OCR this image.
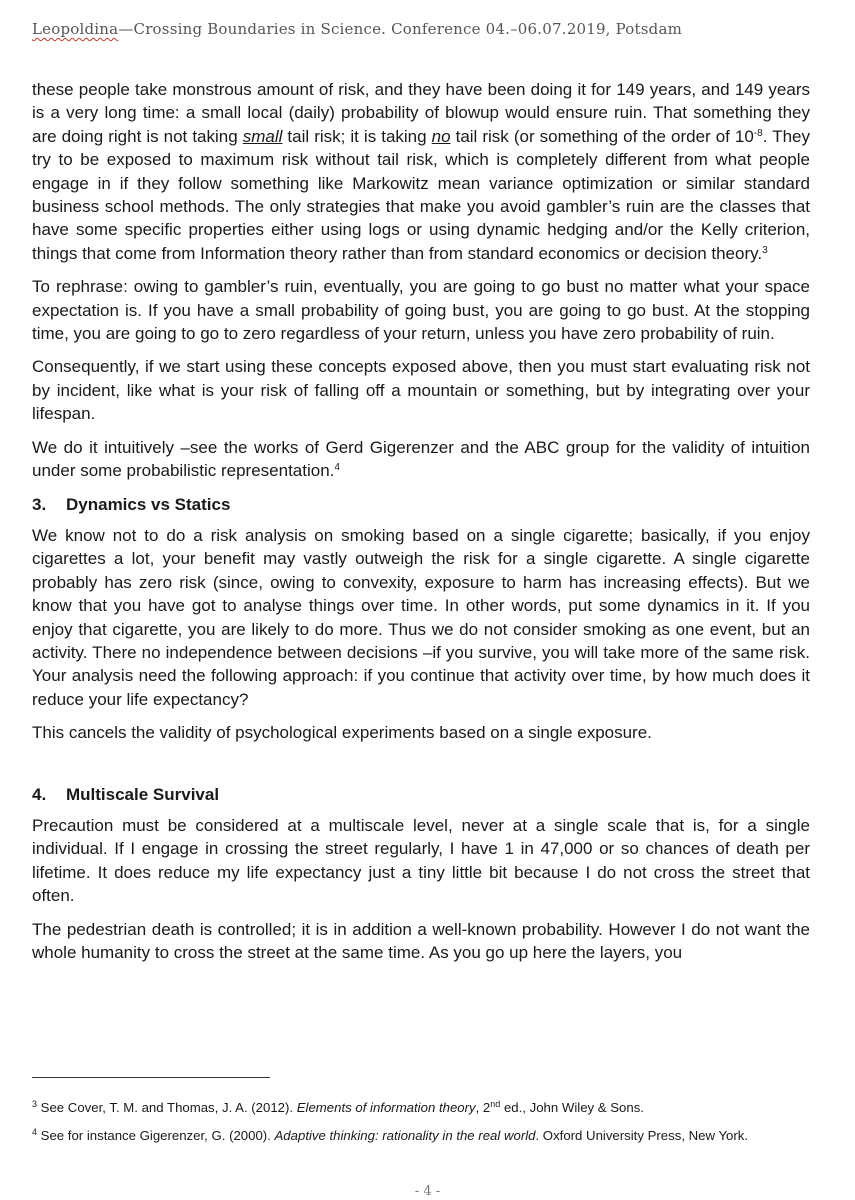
Leopoldina—Crossing Boundaries in Science. Conference 04.–06.07.2019, Potsdam

these people take monstrous amount of risk, and they have been doing it for 149 years, and 149 years is a very long time: a small local (daily) probability of blowup would ensure ruin. That something they are doing right is not taking small tail risk; it is taking no tail risk (or something of the order of $10^{-8}$. They try to be exposed to maximum risk without tail risk, which is completely different from what people engage in if they follow something like Markowitz mean variance optimization or similar standard business school methods. The only strategies that make you avoid gambler’s ruin are the classes that have some specific properties either using logs or using dynamic hedging and/or the Kelly criterion, things that come from Information theory rather than from standard economics or decision theory.$^3$

To rephrase: owing to gambler’s ruin, eventually, you are going to go bust no matter what your space expectation is. If you have a small probability of going bust, you are going to go bust. At the stopping time, you are going to go to zero regardless of your return, unless you have zero probability of ruin.

Consequently, if we start using these concepts exposed above, then you must start evaluating risk not by incident, like what is your risk of falling off a mountain or something, but by integrating over your lifespan.

We do it intuitively –see the works of Gerd Gigerenzer and the ABC group for the validity of intuition under some probabilistic representation.$^4$

3. Dynamics vs Statics

We know not to do a risk analysis on smoking based on a single cigarette; basically, if you enjoy cigarettes a lot, your benefit may vastly outweigh the risk for a single cigarette. A single cigarette probably has zero risk (since, owing to convexity, exposure to harm has increasing effects). But we know that you have got to analyse things over time. In other words, put some dynamics in it. If you enjoy that cigarette, you are likely to do more. Thus we do not consider smoking as one event, but an activity. There no independence between decisions –if you survive, you will take more of the same risk. Your analysis need the following approach: if you continue that activity over time, by how much does it reduce your life expectancy?

This cancels the validity of psychological experiments based on a single exposure.

4. Multiscale Survival

Precaution must be considered at a multiscale level, never at a single scale that is, for a single individual. If I engage in crossing the street regularly, I have 1 in 47,000 or so chances of death per lifetime. It does reduce my life expectancy just a tiny little bit because I do not cross the street that often.

The pedestrian death is controlled; it is in addition a well-known probability. However I do not want the whole humanity to cross the street at the same time. As you go up here the layers, you

$^3$ See Cover, T. M. and Thomas, J. A. (2012). Elements of information theory, 2nd ed., John Wiley & Sons.

$^4$ See for instance Gigerenzer, G. (2000). Adaptive thinking: rationality in the real world. Oxford University Press, New York.

- 4 -
